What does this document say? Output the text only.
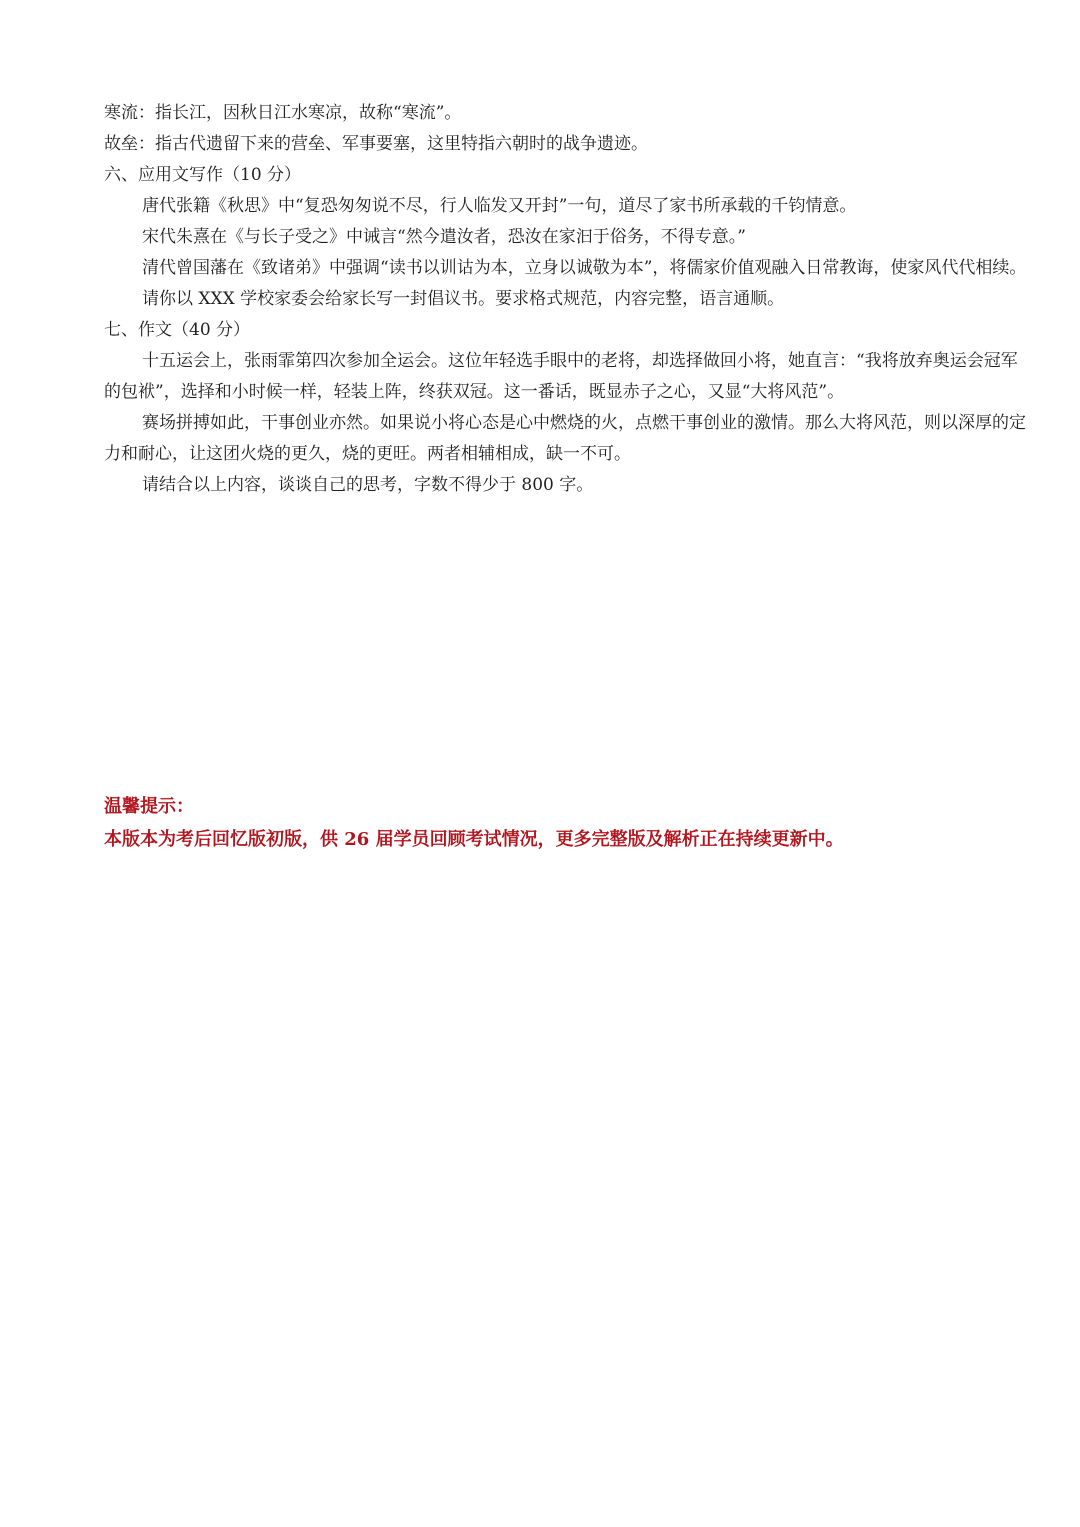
寒流：指长江，因秋日江水寒凉，故称“寒流”。
故垒：指古代遗留下来的营垒、军事要塞，这里特指六朝时的战争遗迹。
六、应用文写作（10 分）
唐代张籍《秋思》中“复恐匆匆说不尽，行人临发又开封”一句，道尽了家书所承载的千钧情意。
宋代朱熹在《与长子受之》中诫言“然今遣汝者，恐汝在家汩于俗务，不得专意。”
清代曾国藩在《致诸弟》中强调“读书以训诂为本，立身以诚敬为本”，将儒家价值观融入日常教诲，使家风代代相续。
请你以 XXX 学校家委会给家长写一封倡议书。要求格式规范，内容完整，语言通顺。
七、作文（40 分）
十五运会上，张雨霏第四次参加全运会。这位年轻选手眼中的老将，却选择做回小将，她直言：“我将放弃奥运会冠军的包袱”，选择和小时候一样，轻装上阵，终获双冠。这一番话，既显赤子之心，又显“大将风范”。
赛场拼搏如此，干事创业亦然。如果说小将心态是心中燃烧的火，点燃干事创业的激情。那么大将风范，则以深厚的定力和耐心，让这团火烧的更久，烧的更旺。两者相辅相成，缺一不可。
请结合以上内容，谈谈自己的思考，字数不得少于 800 字。
温馨提示：
本版本为考后回忆版初版，供 26 届学员回顾考试情况，更多完整版及解析正在持续更新中。
